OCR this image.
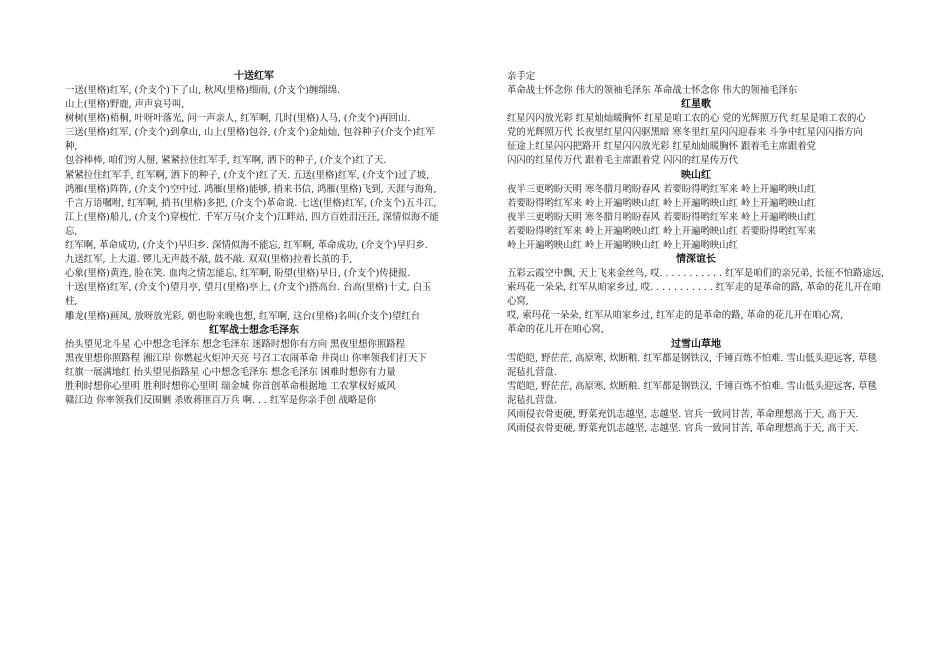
十送红军

一送(里格)红军, (介支个)下了山, 秋风(里格)细雨, (介支个)缠绵绵.

山上(里格)野鹿, 声声哀号叫,

树树(里格)梧桐, 叶呀叶落光, 问一声亲人, 红军啊, 几时(里格)人马, (介支个)再回山.

三送(里格)红军, (介支个)到拿山, 山上(里格)包谷, (介支个)金灿灿, 包谷种子(介支个)红军种,

包谷棒棒, 咱们穷人掰, 紧紧拉住红军手, 红军啊, 洒下的种子, (介支个)红了天.

紧紧拉住红军手, 红军啊, 洒下的种子, (介支个)红了天. 五送(里格)红军, (介支个)过了坡,

鸿雁(里格)阵阵, (介支个)空中过. 鸿雁(里格)能够, 捎来书信, 鸿雁(里格)飞到, 天涯与海角,

千言万语嘱咐, 红军啊, 捎书(里格)多把, (介支个)革命说. 七送(里格)红军, (介支个)五斗江,

江上(里格)船儿, (介支个)穿梭忙. 千军万马(介支个)江畔站, 四方百姓泪汪汪, 深情似海不能忘,

红军啊, 革命成功, (介支个)早归乡. 深情似海不能忘, 红军啊, 革命成功, (介支个)早归乡.

九送红军, 上大道. 锣儿无声鼓不敲, 鼓不敲. 双双(里格)拉着长茧的手,

心象(里格)黄连, 脸在笑. 血肉之情怎能忘, 红军啊, 盼望(里格)早日, (介支个)传捷报.

十送(里格)红军, (介支个)望月亭, 望月(里格)亭上, (介支个)搭高台. 台高(里格)十丈, 白玉柱,

雕龙(里格)画凤, 放呀放光彩, 朝也盼来晚也想, 红军啊, 这台(里格)名叫(介支个)望红台

红军战士想念毛泽东

抬头望见北斗星 心中想念毛泽东 想念毛泽东 迷路时想你有方向 黑夜里想你照路程

黑夜里想你照路程 湘江岸 你燃起火炬冲天亮 号召工农闹革命 井岗山 你率领我们打天下

红旗一展满地红 抬头望见指路星 心中想念毛泽东 想念毛泽东 困难时想你有力量

胜利时想你心里明 胜利时想你心里明 瑞金城 你首创革命根据地 工农掌权好威风

赣江边 你率领我们反围剿 杀败蒋匪百万兵 啊. . . 红军是你亲手创 战略是你

亲手定

革命战士怀念你 伟大的领袖毛泽东 革命战士怀念你 伟大的领袖毛泽东

红星歌

红星闪闪放光彩 红星灿灿暖胸怀 红星是咱工农的心 党的光辉照万代 红星是咱工农的心

党的光辉照万代 长夜里红星闪闪驱黑暗 寒冬里红星闪闪迎春来 斗争中红星闪闪指方向

征途上红星闪闪把路开 红星闪闪放光彩 红星灿灿暖胸怀 跟着毛主席跟着党

闪闪的红星传万代 跟着毛主席跟着党 闪闪的红星传万代

映山红

夜半三更哟盼天明 寒冬腊月哟盼春风 若要盼得哟红军来 岭上开遍哟映山红

若要盼得哟红军来 岭上开遍哟映山红 岭上开遍哟映山红 岭上开遍哟映山红

夜半三更哟盼天明 寒冬腊月哟盼春风 若要盼得哟红军来 岭上开遍哟映山红

若要盼得哟红军来 岭上开遍哟映山红 岭上开遍哟映山红 若要盼得哟红军来

岭上开遍哟映山红 岭上开遍哟映山红 岭上开遍哟映山红

情深谊长

五彩云霞空中飘, 天上飞来金丝鸟, 哎. . . . . . . . . . . 红军是咱们的亲兄弟, 长征不怕路途远,

索玛花一朵朵, 红军从咱家乡过, 哎. . . . . . . . . . . 红军走的是革命的路, 革命的花儿开在咱心窝,

哎, 索玛花一朵朵, 红军从咱家乡过, 红军走的是革命的路, 革命的花儿开在咱心窝,

革命的花儿开在咱心窝,

过雪山草地

雪皑皑, 野茫茫, 高原寒, 炊断粮. 红军都是钢铁汉, 千锤百炼不怕难. 雪山低头迎远客, 草毯泥毡扎营盘.

雪皑皑, 野茫茫, 高原寒, 炊断粮. 红军都是钢铁汉, 千锤百炼不怕难. 雪山低头迎远客, 草毯泥毡扎营盘.

风雨侵衣骨更硬, 野菜充饥志越坚, 志越坚. 官兵一致同甘苦, 革命理想高于天, 高于天.

风雨侵衣骨更硬, 野菜充饥志越坚, 志越坚. 官兵一致同甘苦, 革命理想高于天, 高于天.
